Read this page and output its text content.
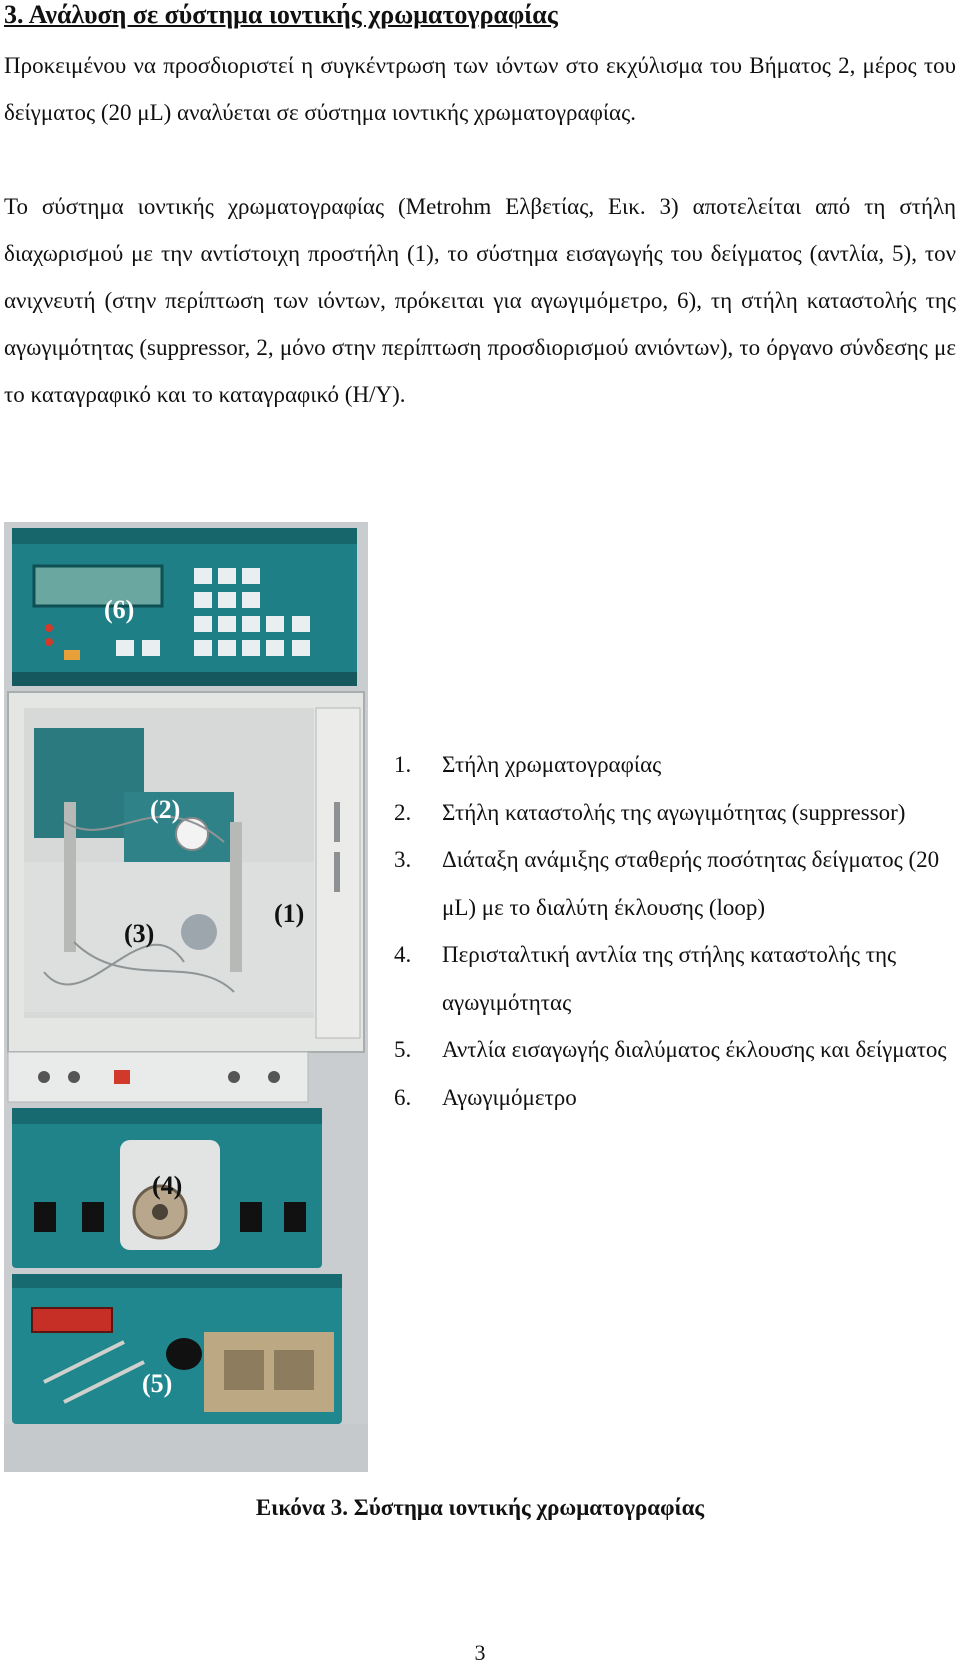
3. Ανάλυση σε σύστημα ιοντικής χρωματογραφίας

Προκειμένου να προσδιοριστεί η συγκέντρωση των ιόντων στο εκχύλισμα του Βήματος 2, μέρος του δείγματος (20 μL) αναλύεται σε σύστημα ιοντικής χρωματογραφίας.

Το σύστημα ιοντικής χρωματογραφίας (Metrohm Ελβετίας, Εικ. 3) αποτελείται από τη στήλη διαχωρισμού με την αντίστοιχη προστήλη (1), το σύστημα εισαγωγής του δείγματος (αντλία, 5), τον ανιχνευτή (στην περίπτωση των ιόντων, πρόκειται για αγωγιμόμετρο, 6), τη στήλη καταστολής της αγωγιμότητας (suppressor, 2, μόνο στην περίπτωση προσδιορισμού ανιόντων), το όργανο σύνδεσης με το καταγραφικό και το καταγραφικό (Η/Υ).

(6)
(2)
(1)
(3)
(4)
(5)
1.	Στήλη χρωματογραφίας
2.	Στήλη καταστολής της αγωγιμότητας (suppressor)
3.	Διάταξη ανάμιξης σταθερής ποσότητας δείγματος (20 μL) με το διαλύτη έκλουσης (loop)
4.	Περισταλτική αντλία της στήλης καταστολής της αγωγιμότητας
5.	Αντλία εισαγωγής διαλύματος έκλουσης και δείγματος
6.	Αγωγιμόμετρο
Εικόνα 3. Σύστημα ιοντικής χρωματογραφίας
3
